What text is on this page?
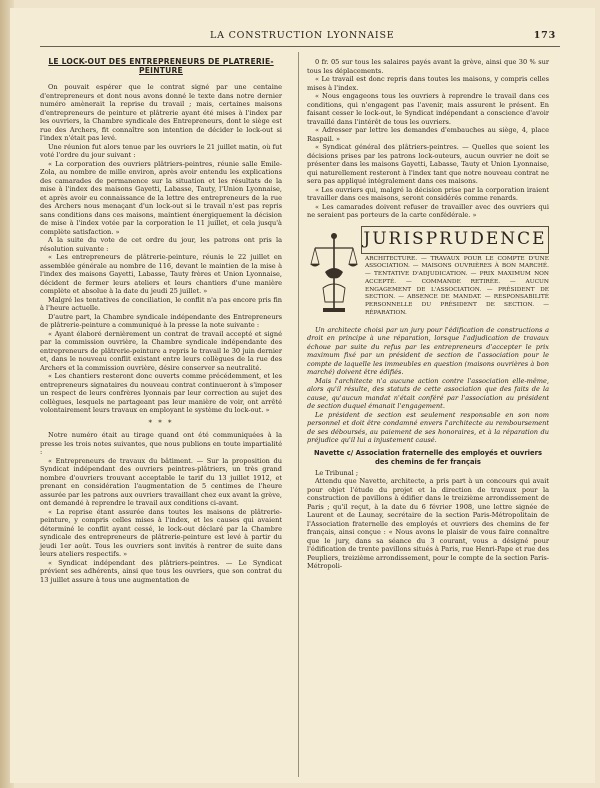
LA CONSTRUCTION LYONNAISE	173
LE LOCK-OUT DES ENTREPRENEURS DE PLATRERIE-PEINTURE

On pouvait espérer que le contrat signé par une centaine d'entrepreneurs et dont nous avons donné le texte dans notre dernier numéro amènerait la reprise du travail ; mais, certaines maisons d'entrepreneurs de peinture et plâtrerie ayant été mises à l'index par les ouvriers, la Chambre syndicale des Entrepreneurs, dont le siège est rue des Archers, fit connaître son intention de décider le lock-out si l'index n'était pas levé.

Une réunion fut alors tenue par les ouvriers le 21 juillet matin, où fut voté l'ordre du jour suivant :

« La corporation des ouvriers plâtriers-peintres, réunie salle Emile-Zola, au nombre de mille environ, après avoir entendu les explications des camarades de permanence sur la situation et les résultats de la mise à l'index des maisons Gayetti, Labasse, Tauty, l'Union Lyonnaise, et après avoir eu connaissance de la lettre des entrepreneurs de la rue des Archers nous menaçant d'un lock-out si le travail n'est pas repris sans conditions dans ces maisons, maintient énergiquement la décision de mise à l'index votée par la corporation le 11 juillet, et cela jusqu'à complète satisfaction. »

A la suite du vote de cet ordre du jour, les patrons ont pris la résolution suivante :

« Les entrepreneurs de plâtrerie-peinture, réunis le 22 juillet en assemblée générale au nombre de 116, devant le maintien de la mise à l'index des maisons Gayetti, Labasse, Tauty frères et Union Lyonnaise, décident de fermer leurs ateliers et leurs chantiers d'une manière complète et absolue à la date du jeudi 25 juillet. »

Malgré les tentatives de conciliation, le conflit n'a pas encore pris fin à l'heure actuelle.

D'autre part, la Chambre syndicale indépendante des Entrepreneurs de plâtrerie-peinture a communiqué à la presse la note suivante :

« Ayant élaboré dernièrement un contrat de travail accepté et signé par la commission ouvrière, la Chambre syndicale indépendante des entrepreneurs de plâtrerie-peinture a repris le travail le 30 juin dernier et, dans le nouveau conflit existant entre leurs collègues de la rue des Archers et la commission ouvrière, désire conserver sa neutralité.

« Les chantiers resteront donc ouverts comme précédemment, et les entrepreneurs signataires du nouveau contrat continueront à s'imposer un respect de leurs confrères lyonnais par leur correction au sujet des collègues, lesquels ne partageant pas leur manière de voir, ont arrêté volontairement leurs travaux en employant le système du lock-out. »

* * *

Notre numéro était au tirage quand ont été communiquées à la presse les trois notes suivantes, que nous publions en toute impartialité :

« Entrepreneurs de travaux du bâtiment. — Sur la proposition du Syndicat indépendant des ouvriers peintres-plâtriers, un très grand nombre d'ouvriers trouvant acceptable le tarif du 13 juillet 1912, et prenant en considération l'augmentation de 5 centimes de l'heure assurée par les patrons aux ouvriers travaillant chez eux avant la grève, ont demandé à reprendre le travail aux conditions ci-avant.

« La reprise étant assurée dans toutes les maisons de plâtrerie-peinture, y compris celles mises à l'index, et les causes qui avaient déterminé le conflit ayant cessé, le lock-out déclaré par la Chambre syndicale des entrepreneurs de plâtrerie-peinture est levé à partir du jeudi 1er août. Tous les ouvriers sont invités à rentrer de suite dans leurs ateliers respectifs. »

« Syndicat indépendant des plâtriers-peintres. — Le Syndicat prévient ses adhérents, ainsi que tous les ouvriers, que son contrat du 13 juillet assure à tous une augmentation de

0 fr. 05 sur tous les salaires payés avant la grève, ainsi que 30 % sur tous les déplacements.

« Le travail est donc repris dans toutes les maisons, y compris celles mises à l'index.

« Nous engageons tous les ouvriers à reprendre le travail dans ces conditions, qui n'engagent pas l'avenir, mais assurent le présent. En faisant cesser le lock-out, le Syndicat indépendant a conscience d'avoir travaillé dans l'intérêt de tous les ouvriers.

« Adresser par lettre les demandes d'embauches au siège, 4, place Raspail. »

« Syndicat général des plâtriers-peintres. — Quelles que soient les décisions prises par les patrons lock-outeurs, aucun ouvrier ne doit se présenter dans les maisons Gayetti, Labasse, Tauty et Union Lyonnaise, qui naturellement resteront à l'index tant que notre nouveau contrat ne sera pas appliqué intégralement dans ces maisons.

« Les ouvriers qui, malgré la décision prise par la corporation iraient travailler dans ces maisons, seront considérés comme renards.

« Les camarades doivent refuser de travailler avec des ouvriers qui ne seraient pas porteurs de la carte confédérale. »

JURISPRUDENCE
ARCHITECTURE. — TRAVAUX POUR LE COMPTE D'UNE ASSOCIATION. — MAISONS OUVRIÈRES À BON MARCHÉ. — TENTATIVE D'ADJUDICATION. — PRIX MAXIMUM NON ACCEPTÉ. — COMMANDE RETIRÉE. — AUCUN ENGAGEMENT DE L'ASSOCIATION. — PRÉSIDENT DE SECTION. — ABSENCE DE MANDAT. — RESPONSABILITÉ PERSONNELLE DU PRÉSIDENT DE SECTION. — RÉPARATION.

Un architecte choisi par un jury pour l'édification de constructions a droit en principe à une réparation, lorsque l'adjudication de travaux échoue par suite du refus par les entrepreneurs d'accepter le prix maximum fixé par un président de section de l'association pour le compte de laquelle les immeubles en question (maisons ouvrières à bon marché) doivent être édifiés.

Mais l'architecte n'a aucune action contre l'association elle-même, alors qu'il résulte, des statuts de cette association que des faits de la cause, qu'aucun mandat n'était conféré par l'association au président de section duquel émanait l'engagement.

Le président de section est seulement responsable en son nom personnel et doit être condamné envers l'architecte au remboursement de ses déboursés, au paiement de ses honoraires, et à la réparation du préjudice qu'il lui a injustement causé.

Navette c/ Association fraternelle des employés et ouvriers des chemins de fer français

Le Tribunal ;

Attendu que Navette, architecte, a pris part à un concours qui avait pour objet l'étude du projet et la direction de travaux pour la construction de pavillons à édifier dans le treizième arrondissement de Paris ; qu'il reçut, à la date du 6 février 1908, une lettre signée de Laurent et de Launay, secrétaire de la section Paris-Métropolitain de l'Association fraternelle des employés et ouvriers des chemins de fer français, ainsi conçue : « Nous avons le plaisir de vous faire connaître que le jury, dans sa séance du 3 courant, vous a désigné pour l'édification de trente pavillons situés à Paris, rue Henri-Pape et rue des Peupliers, treizième arrondissement, pour le compte de la section Paris-Métropoli-
